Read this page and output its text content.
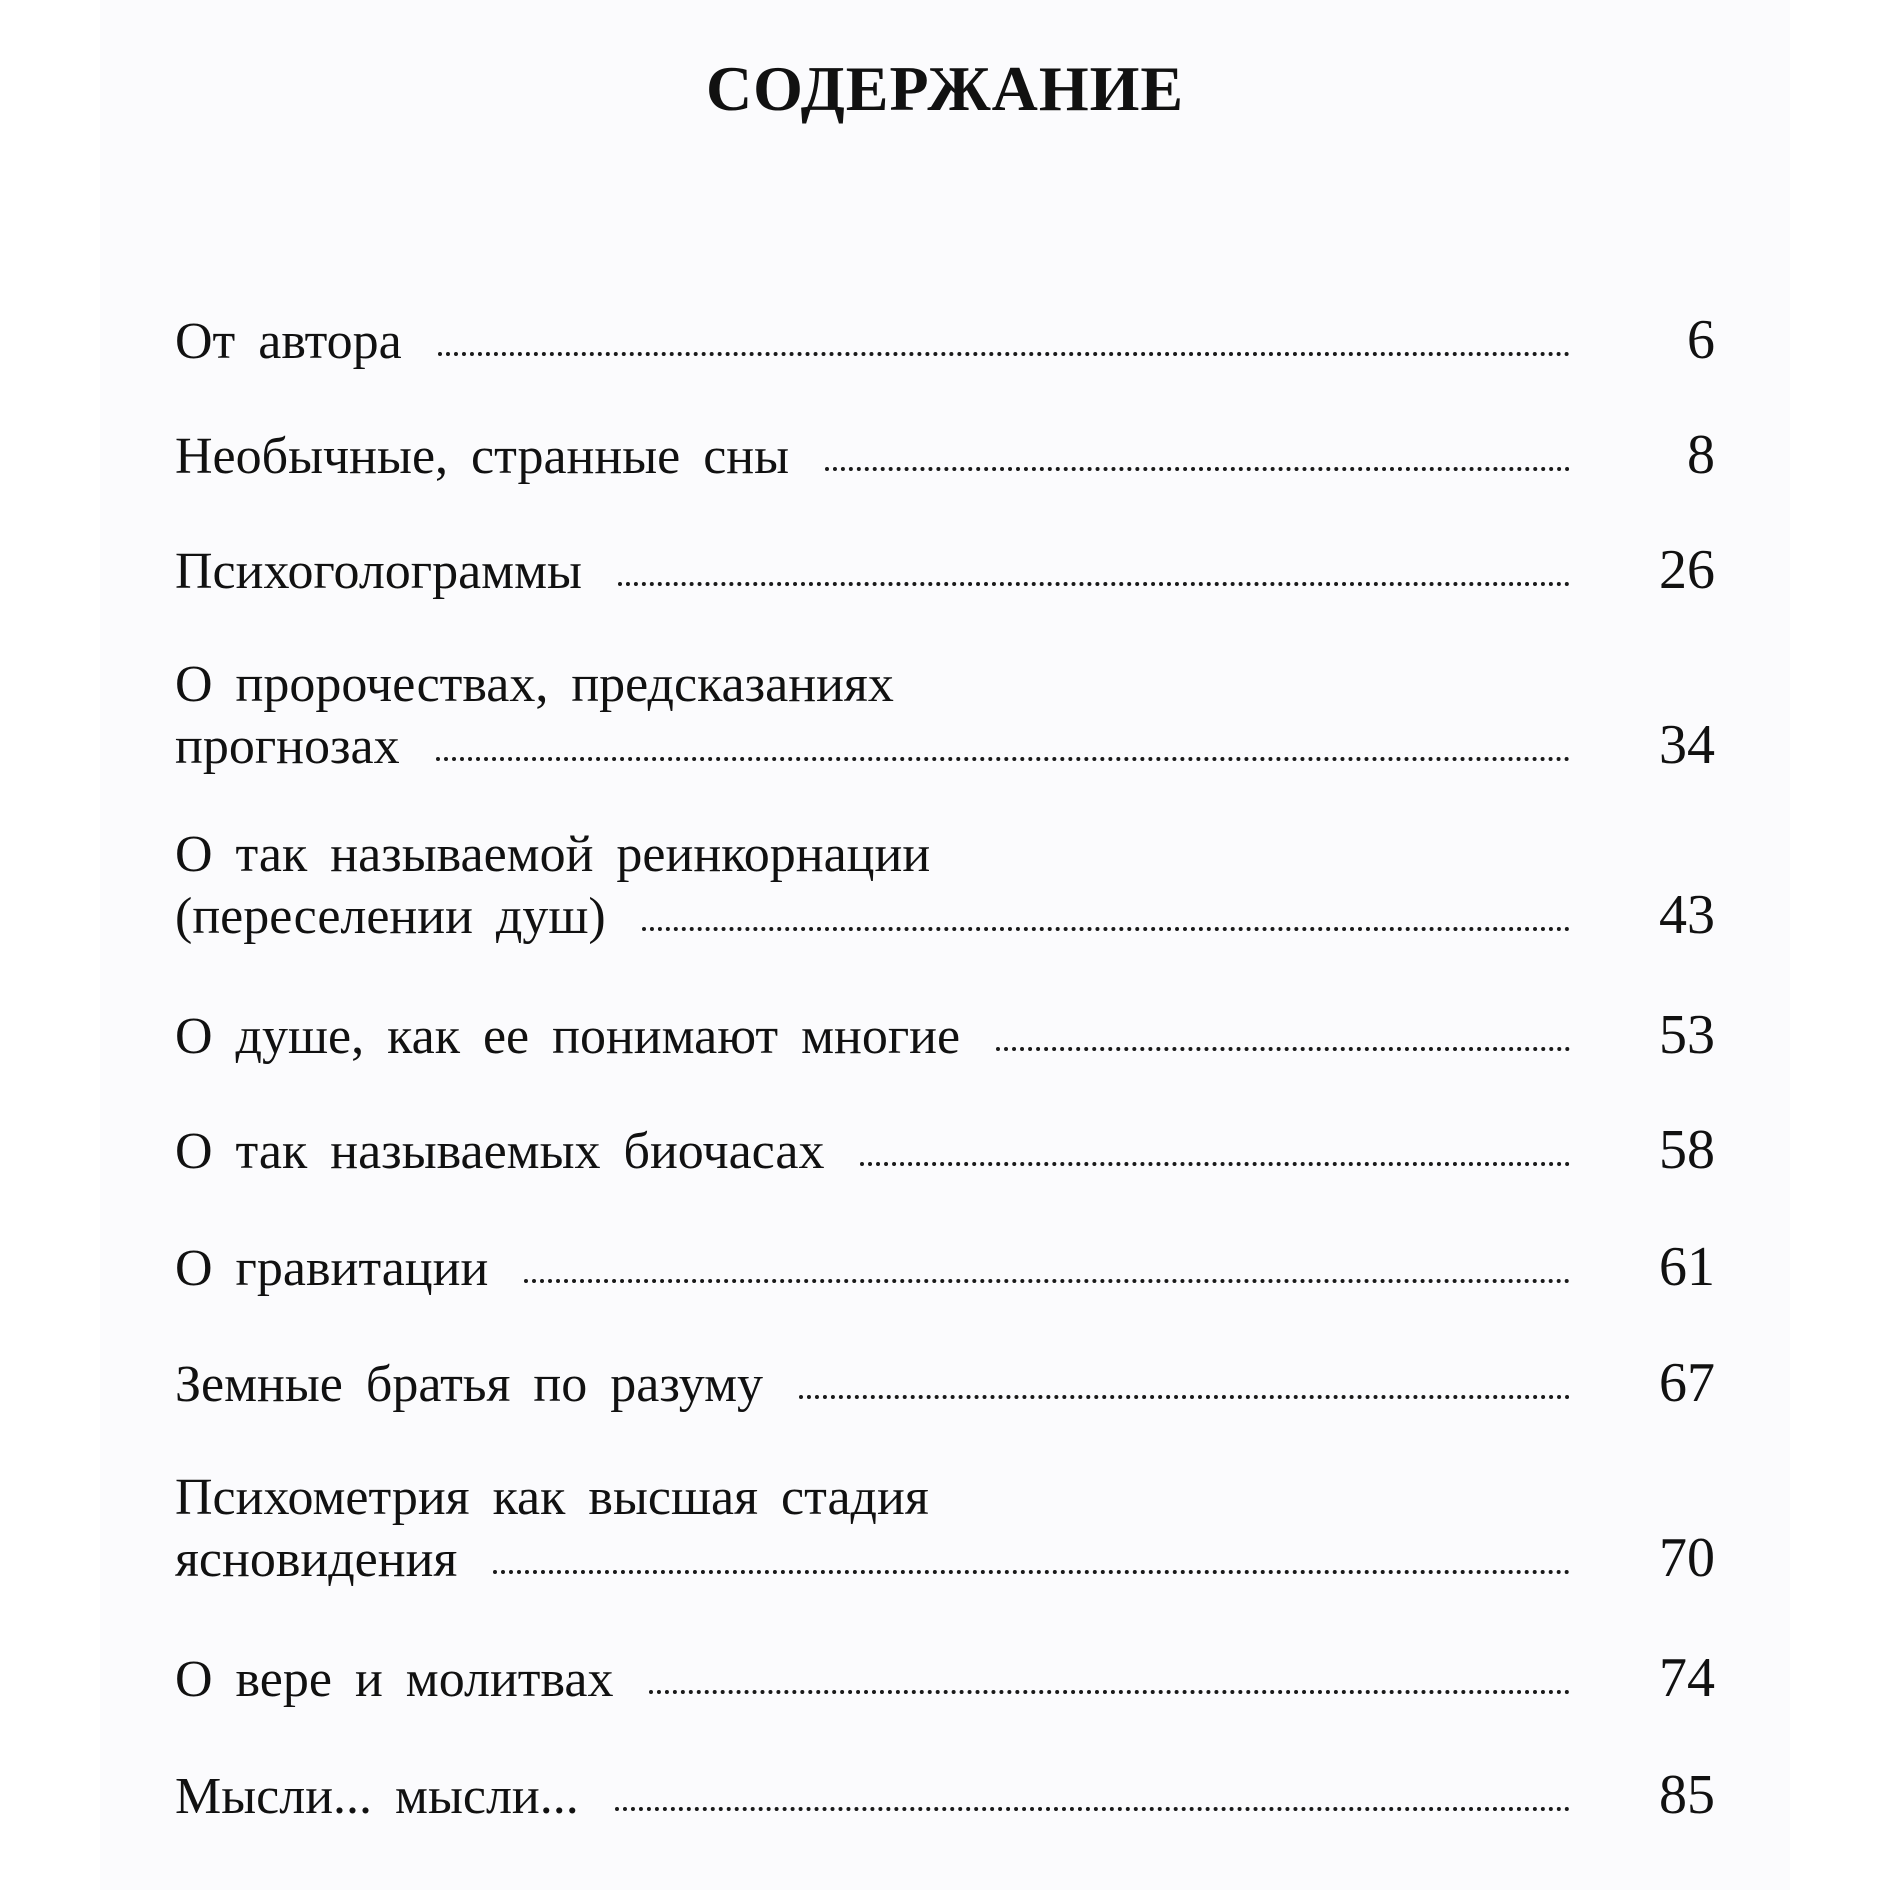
СОДЕРЖАНИЕ
От автора	6
Необычные, странные сны	8
Психоголограммы	26
О пророчествах, предсказаниях
прогнозах	34
О так называемой реинкорнации
(переселении душ)	43
О душе, как ее понимают многие	53
О так называемых биочасах	58
О гравитации	61
Земные братья по разуму	67
Психометрия как высшая стадия
ясновидения	70
О вере и молитвах	74
Мысли... мысли...	85
